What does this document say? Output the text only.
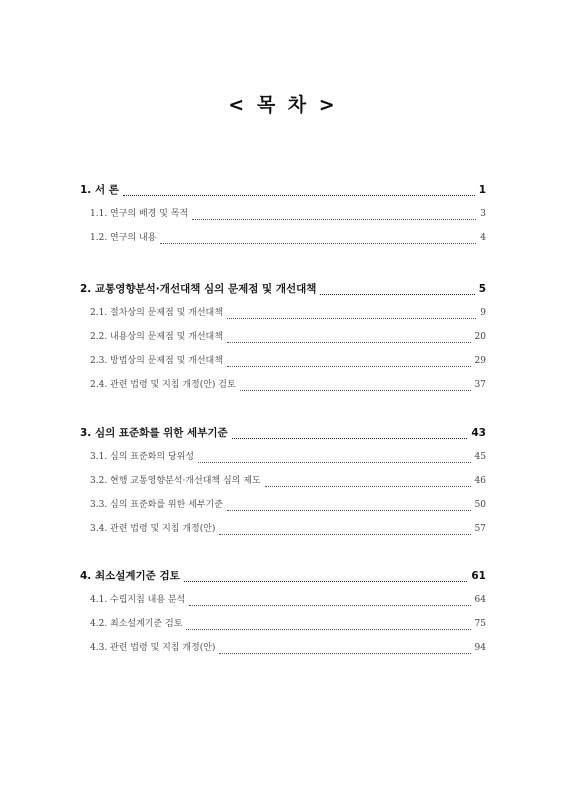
< 목 차 >
1. 서 론	1
1.1. 연구의 배경 및 목적	3
1.2. 연구의 내용	4
2. 교통영향분석·개선대책 심의 문제점 및 개선대책	5
2.1. 절차상의 문제점 및 개선대책	9
2.2. 내용상의 문제점 및 개선대책	20
2.3. 방법상의 문제점 및 개선대책	29
2.4. 관련 법령 및 지침 개정(안) 검토	37
3. 심의 표준화를 위한 세부기준	43
3.1. 심의 표준화의 당위성	45
3.2. 현행 교통영향분석·개선대책 심의 제도	46
3.3. 심의 표준화를 위한 세부기준	50
3.4. 관련 법령 및 지침 개정(안)	57
4. 최소설계기준 검토	61
4.1. 수립지침 내용 분석	64
4.2. 최소설계기준 검토	75
4.3. 관련 법령 및 지침 개정(안)	94
